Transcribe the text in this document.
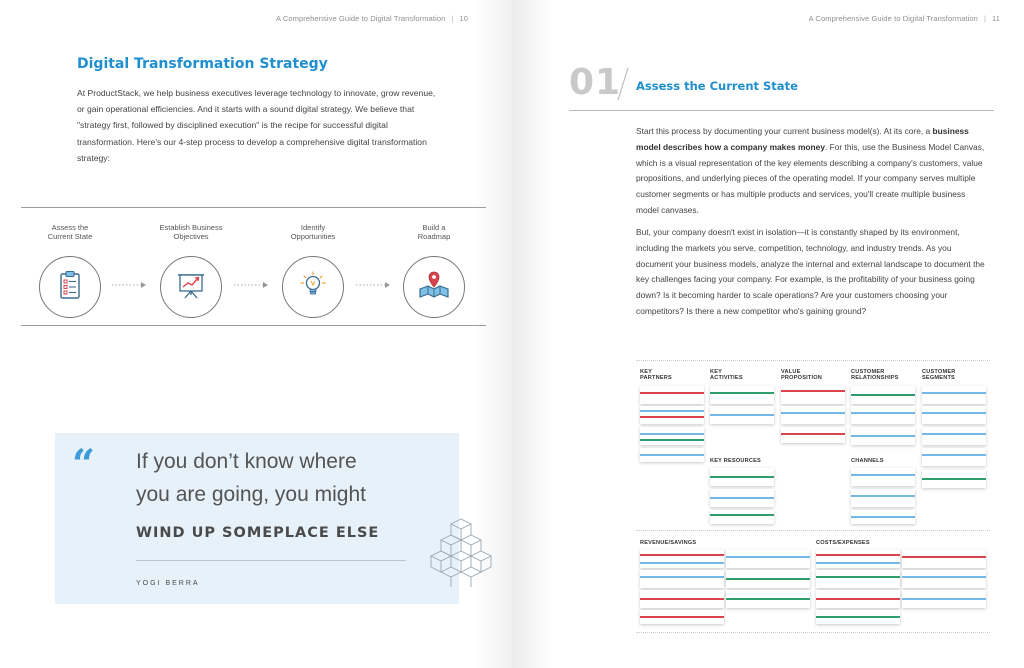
A Comprehensive Guide to Digital Transformation | 10
Digital Transformation Strategy

At ProductStack, we help business executives leverage technology to innovate, grow revenue, or gain operational efficiencies. And it starts with a sound digital strategy. We believe that "strategy first, followed by disciplined execution" is the recipe for successful digital transformation. Here's our 4-step process to develop a comprehensive digital transformation strategy:

Assess the
Current State
Establish Business
Objectives
Identify
Opportunities
Build a
Roadmap
“ If you don’t know where
you are going, you might
WIND UP SOMEPLACE ELSE
YOGI BERRA
A Comprehensive Guide to Digital Transformation | 11
01 Assess the Current State

Start this process by documenting your current business model(s). At its core, a business model describes how a company makes money. For this, use the Business Model Canvas, which is a visual representation of the key elements describing a company's customers, value propositions, and underlying pieces of the operating model. If your company serves multiple customer segments or has multiple products and services, you'll create multiple business model canvases.

But, your company doesn't exist in isolation—it is constantly shaped by its environment, including the markets you serve, competition, technology, and industry trends. As you document your business models, analyze the internal and external landscape to document the key challenges facing your company. For example, is the profitability of your business going down? Is it becoming harder to scale operations? Are your customers choosing your competitors? Is there a new competitor who's gaining ground?

KEY
PARTNERS
KEY
ACTIVITIES
VALUE
PROPOSITION
CUSTOMER
RELATIONSHIPS
CUSTOMER
SEGMENTS
KEY RESOURCES	CHANNELS
REVENUE/SAVINGS	COSTS/EXPENSES
